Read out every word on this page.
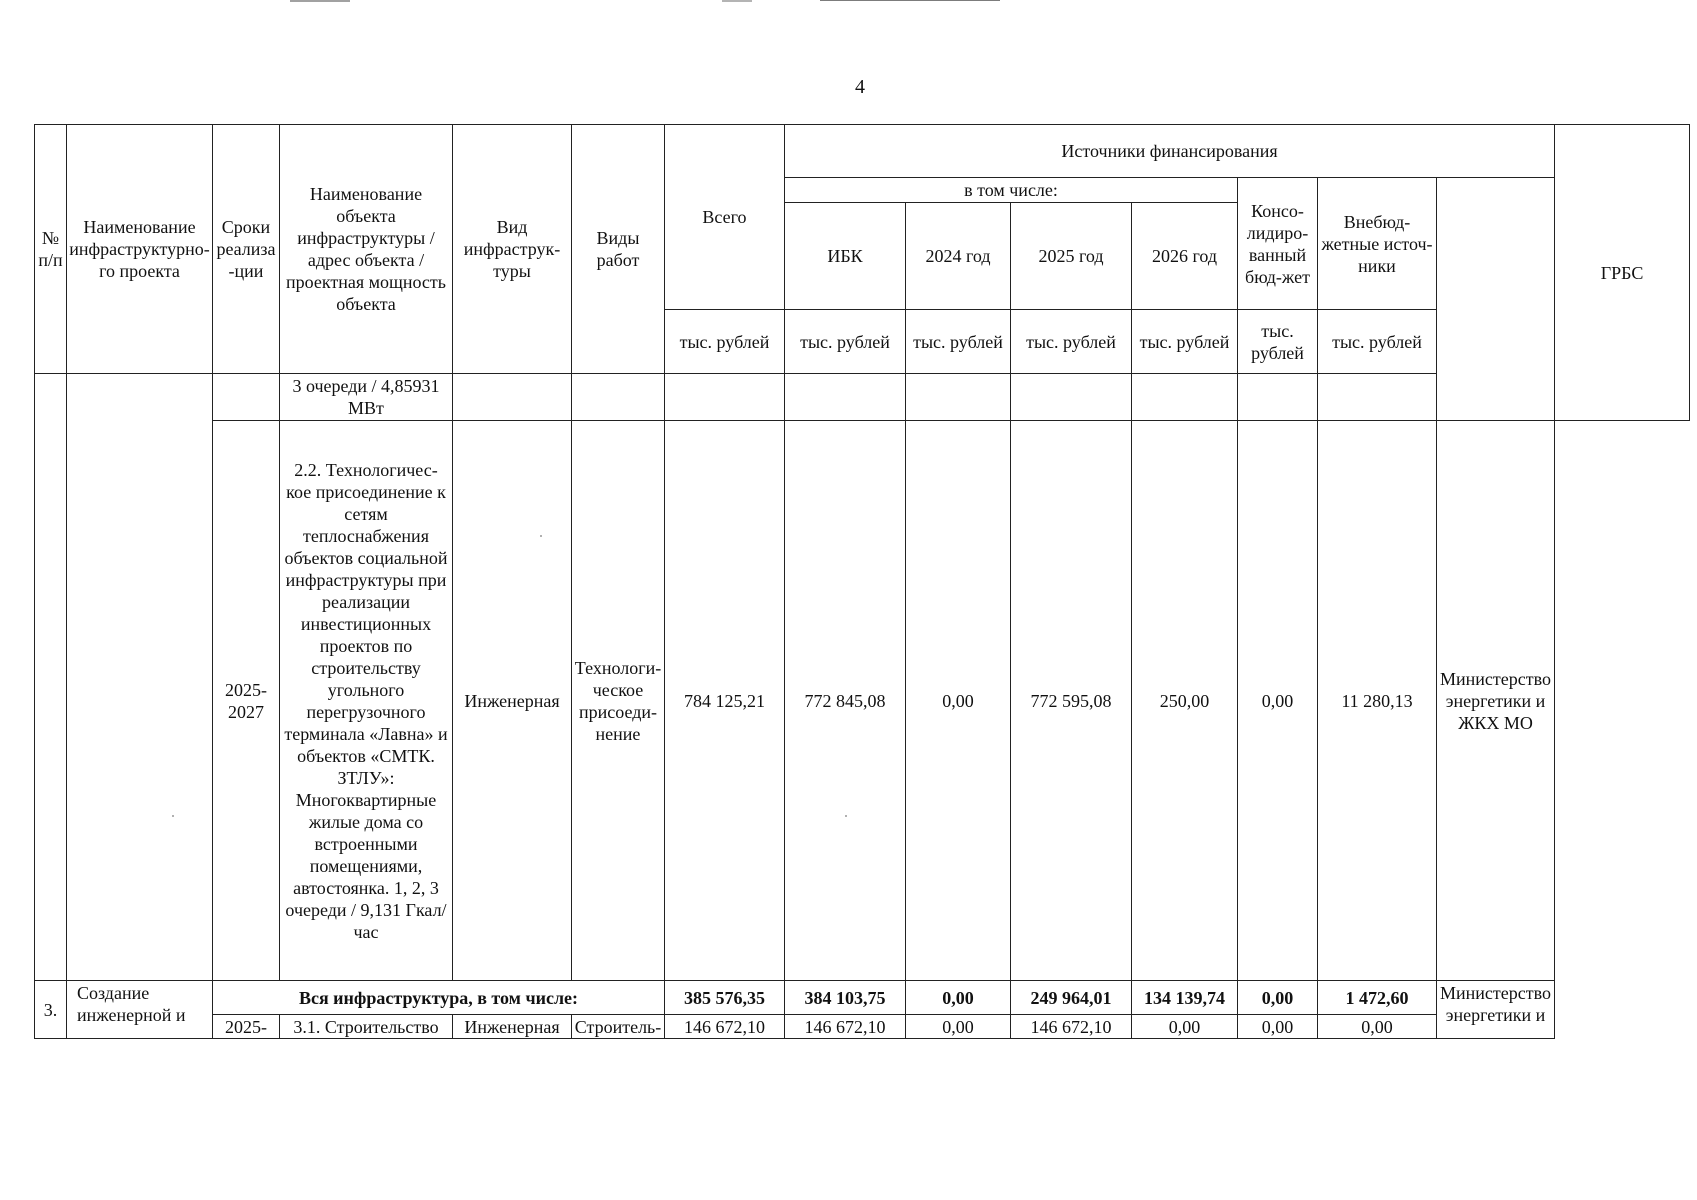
4
№ п/п	Наименование инфраструктурно-го проекта	Сроки реализа -ции	Наименование объекта инфраструктуры / адрес объекта / проектная мощность объекта	Вид инфраструк-туры	Виды работ	Всего	Источники финансирования							ГРБС
							в том числе:				Консо-лидиро-ванный бюд-жет	Внебюд-жетные источ-ники		
							ИБК	2024 год	2025 год	2026 год				
						тыс. рублей	тыс. рублей	тыс. рублей	тыс. рублей	тыс. рублей	тыс. рублей	тыс. рублей		
			3 очереди / 4,85931 МВт											
		2025-2027	2.2. Технологичес-кое присоединение к сетям теплоснабжения объектов социальной инфраструктуры при реализации инвестиционных проектов по строительству угольного перегрузочного терминала «Лавна» и объектов «СМТК. ЗТЛУ»: Многоквартирные жилые дома со встроенными помещениями, автостоянка. 1, 2, 3 очереди / 9,131 Гкал/час	Инженерная	Технологи-ческое присоеди-нение	784 125,21	772 845,08	0,00	772 595,08	250,00	0,00	11 280,13	Министерство энергетики и ЖКХ МО	
3.	Создание инженерной и	Вся инфраструктура, в том числе:				385 576,35	384 103,75	0,00	249 964,01	134 139,74	0,00	1 472,60	Министерство энергетики и	
		2025-	3.1. Строительство	Инженерная	Строитель-	146 672,10	146 672,10	0,00	146 672,10	0,00	0,00	0,00		
